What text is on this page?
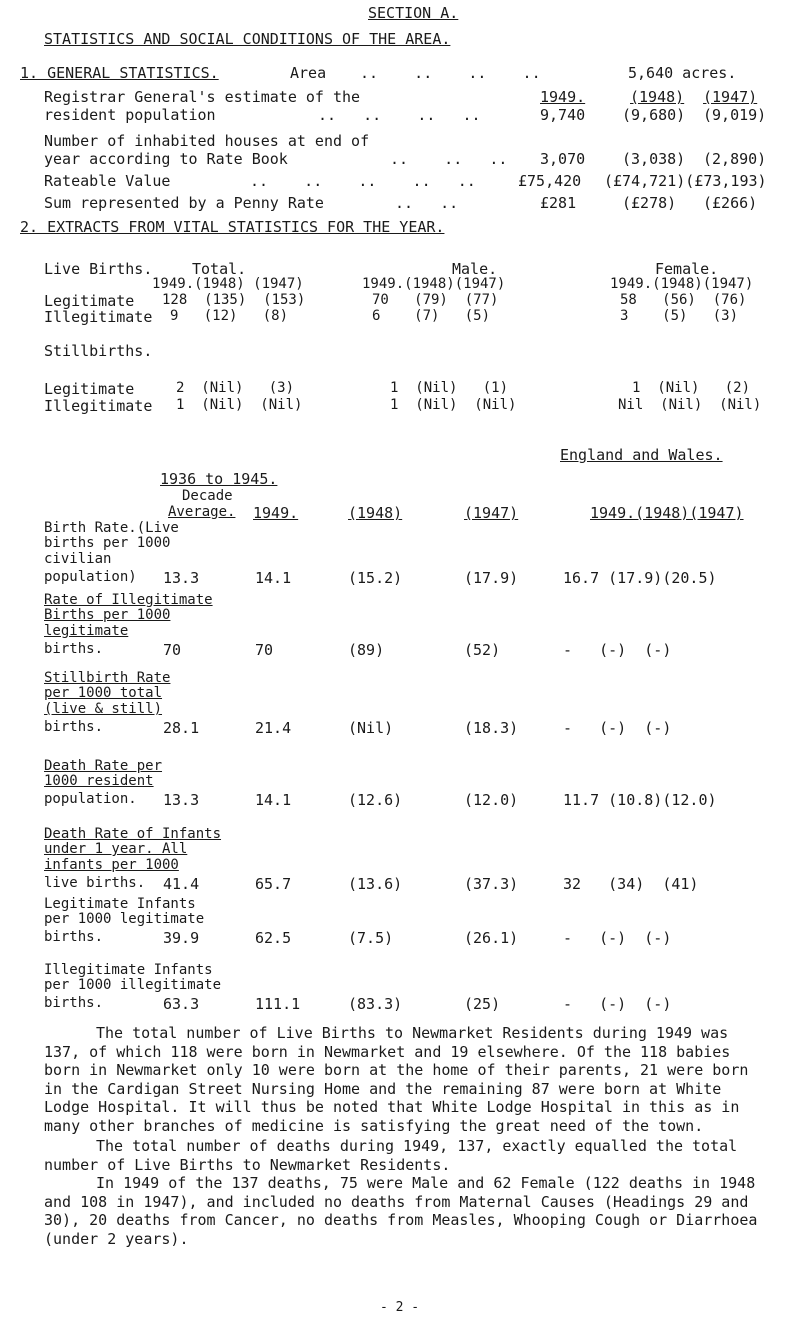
SECTION A.
STATISTICS AND SOCIAL CONDITIONS OF THE AREA.
1. GENERAL STATISTICS.	Area ..    ..    ..    ..	5,640 acres.
Registrar General's estimate of the	1949.	(1948) (1947)
resident population	..   ..    ..   ..	9,740 (9,680) (9,019)
Number of inhabited houses at end of
year according to Rate Book	..    ..   .. 3,070 (3,038) (2,890)
Rateable Value	..    ..    ..    ..   ..	£75,420 (£74,721)(£73,193)
Sum represented by a Penny Rate	..   ..	£281	(£278) (£266)
2. EXTRACTS FROM VITAL STATISTICS FOR THE YEAR.
Live Births.	Total.	Male.	Female.
1949.(1948) (1947)	1949.(1948)(1947)	1949.(1948)(1947)
Legitimate 128  (135)  (153)	70   (79)  (77)	58   (56)  (76)
Illegitimate 9   (12)   (8)	6    (7)   (5)	3    (5)   (3)
Stillbirths.
Legitimate	2  (Nil)   (3)	1  (Nil)   (1)	1  (Nil)   (2)
Illegitimate 1  (Nil)  (Nil)	1  (Nil)  (Nil)	Nil  (Nil)  (Nil)
England and Wales.
1936 to 1945.
Decade
Average. 1949.	(1948)	(1947)	1949.(1948)(1947)
Birth Rate.(Live
births per 1000
civilian
population) 13.3	14.1	(15.2)	(17.9)	16.7 (17.9)(20.5)
Rate of Illegitimate
Births per 1000
legitimate
births.	70	70	(89)	(52)	-   (-)  (-)
Stillbirth Rate
per 1000 total
(live & still)
births.	28.1	21.4	(Nil)	(18.3)	-   (-)  (-)
Death Rate per
1000 resident
population. 13.3	14.1	(12.6)	(12.0)	11.7 (10.8)(12.0)
Death Rate of Infants
under 1 year. All
infants per 1000
live births. 41.4	65.7	(13.6)	(37.3)	32   (34)  (41)
Legitimate Infants
per 1000 legitimate
births.	39.9	62.5	(7.5)	(26.1)	-   (-)  (-)
Illegitimate Infants
per 1000 illegitimate
births.	63.3	111.1	(83.3)	(25)	-   (-)  (-)
The total number of Live Births to Newmarket Residents during 1949 was 137, of which 118 were born in Newmarket and 19 elsewhere. Of the 118 babies born in Newmarket only 10 were born at the home of their parents, 21 were born in the Cardigan Street Nursing Home and the remaining 87 were born at White Lodge Hospital. It will thus be noted that White Lodge Hospital in this as in many other branches of medicine is satisfying the great need of the town.
The total number of deaths during 1949, 137, exactly equalled the total number of Live Births to Newmarket Residents.
In 1949 of the 137 deaths, 75 were Male and 62 Female (122 deaths in 1948 and 108 in 1947), and included no deaths from Maternal Causes (Headings 29 and 30), 20 deaths from Cancer, no deaths from Measles, Whooping Cough or Diarrhoea (under 2 years).
- 2 -
